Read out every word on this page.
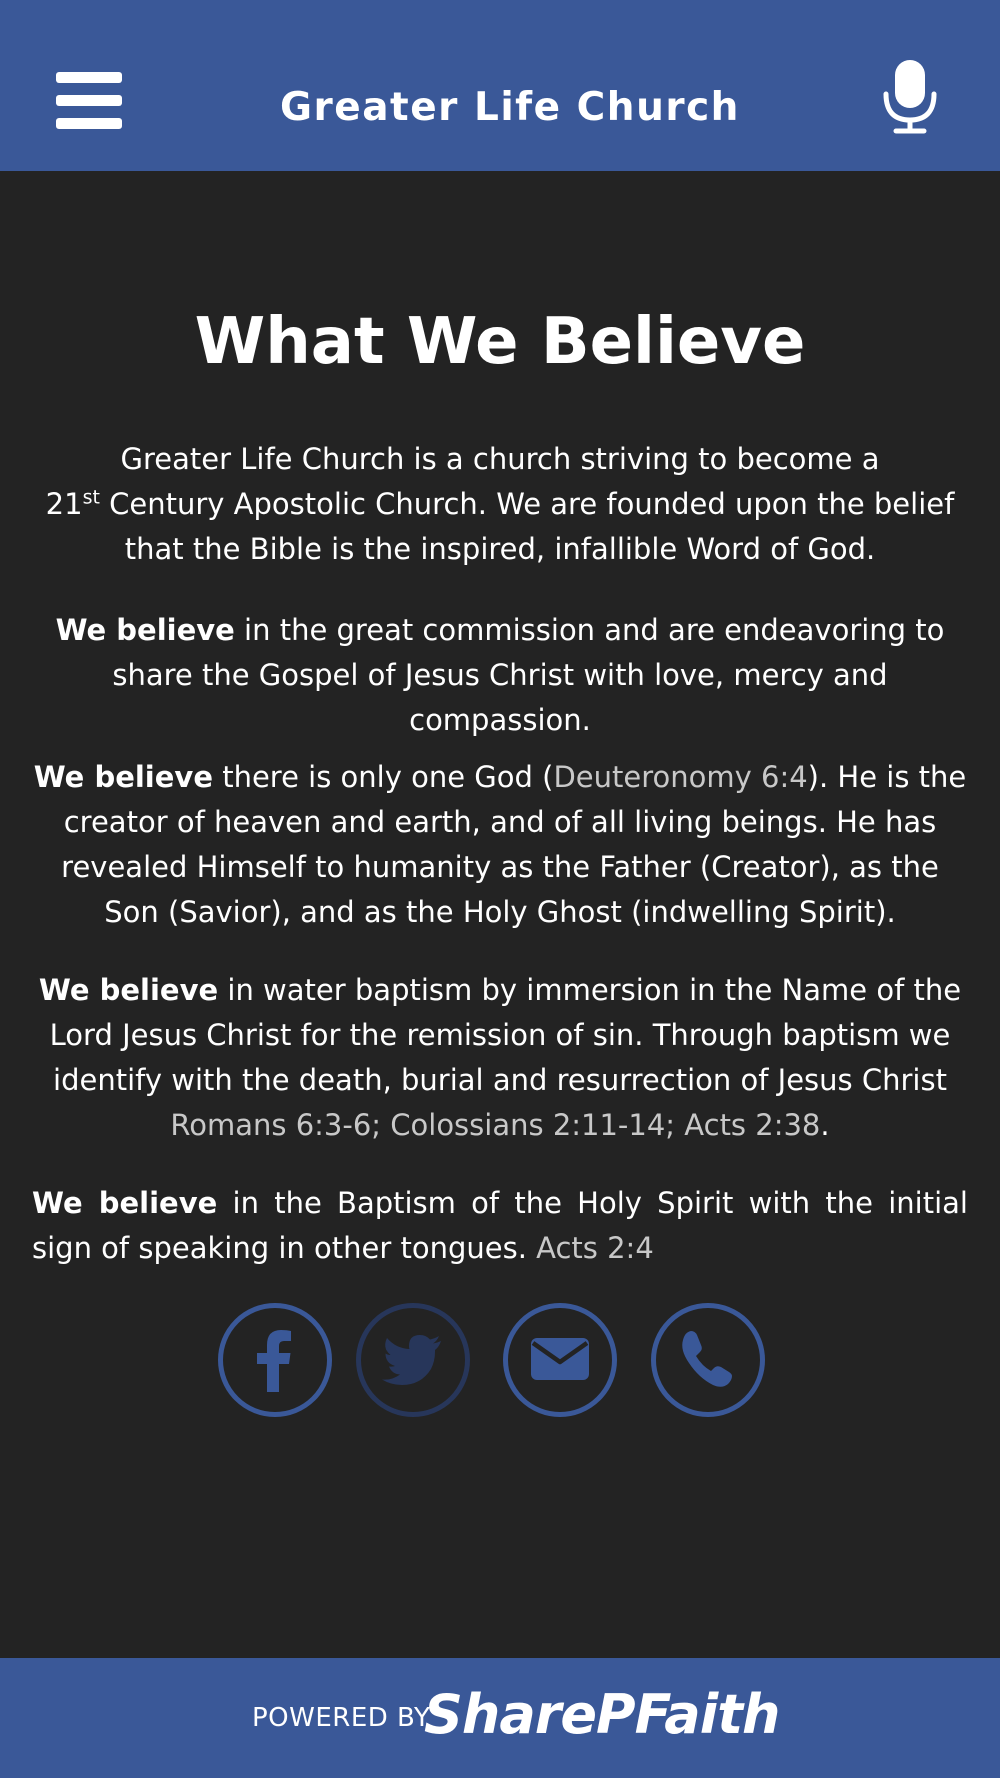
Greater Life Church
What We Believe

Greater Life Church is a church striving to become a
21st Century Apostolic Church. We are founded upon the belief that the Bible is the inspired, infallible Word of God.

We believe in the great commission and are endeavoring to share the Gospel of Jesus Christ with love, mercy and compassion.

We believe there is only one God (Deuteronomy 6:4). He is the creator of heaven and earth, and of all living beings. He has revealed Himself to humanity as the Father (Creator), as the Son (Savior), and as the Holy Ghost (indwelling Spirit).

We believe in water baptism by immersion in the Name of the Lord Jesus Christ for the remission of sin. Through baptism we identify with the death, burial and resurrection of Jesus Christ Romans 6:3-6; Colossians 2:11-14; Acts 2:38.

We believe in the Baptism of the Holy Spirit with the initial sign of speaking in other tongues. Acts 2:4

POWERED BY
SharePFaith
